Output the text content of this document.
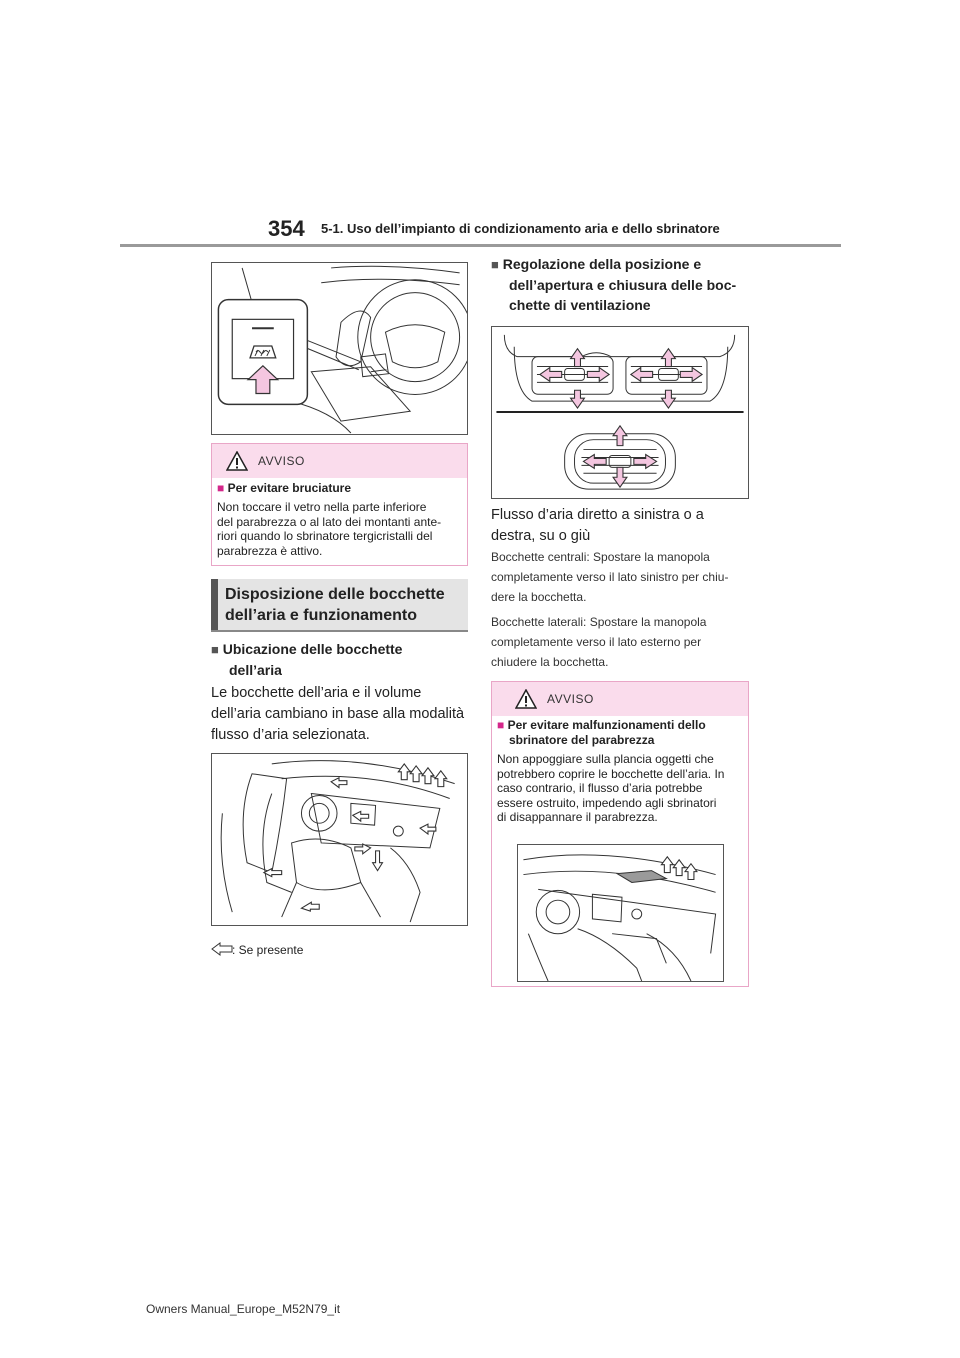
354 5-1. Uso dell’impianto di condizionamento aria e dello sbrinatore
AVVISO
■ Per evitare bruciature
Non toccare il vetro nella parte inferiore
del parabrezza o al lato dei montanti ante-
riori quando lo sbrinatore tergicristalli del
parabrezza è attivo.
Disposizione delle bocchette
dell’aria e funzionamento
■ Ubicazione delle bocchette
dell’aria
Le bocchette dell’aria e il volume
dell’aria cambiano in base alla modalità
flusso d’aria selezionata.
: Se presente
■ Regolazione della posizione e
dell’apertura e chiusura delle boc-
chette di ventilazione
Flusso d’aria diretto a sinistra o a
destra, su o giù
Bocchette centrali: Spostare la manopola
completamente verso il lato sinistro per chiu-
dere la bocchetta.
Bocchette laterali: Spostare la manopola
completamente verso il lato esterno per
chiudere la bocchetta.
AVVISO
■ Per evitare malfunzionamenti dello
sbrinatore del parabrezza
Non appoggiare sulla plancia oggetti che
potrebbero coprire le bocchette dell’aria. In
caso contrario, il flusso d’aria potrebbe
essere ostruito, impedendo agli sbrinatori
di disappannare il parabrezza.
Owners Manual_Europe_M52N79_it
